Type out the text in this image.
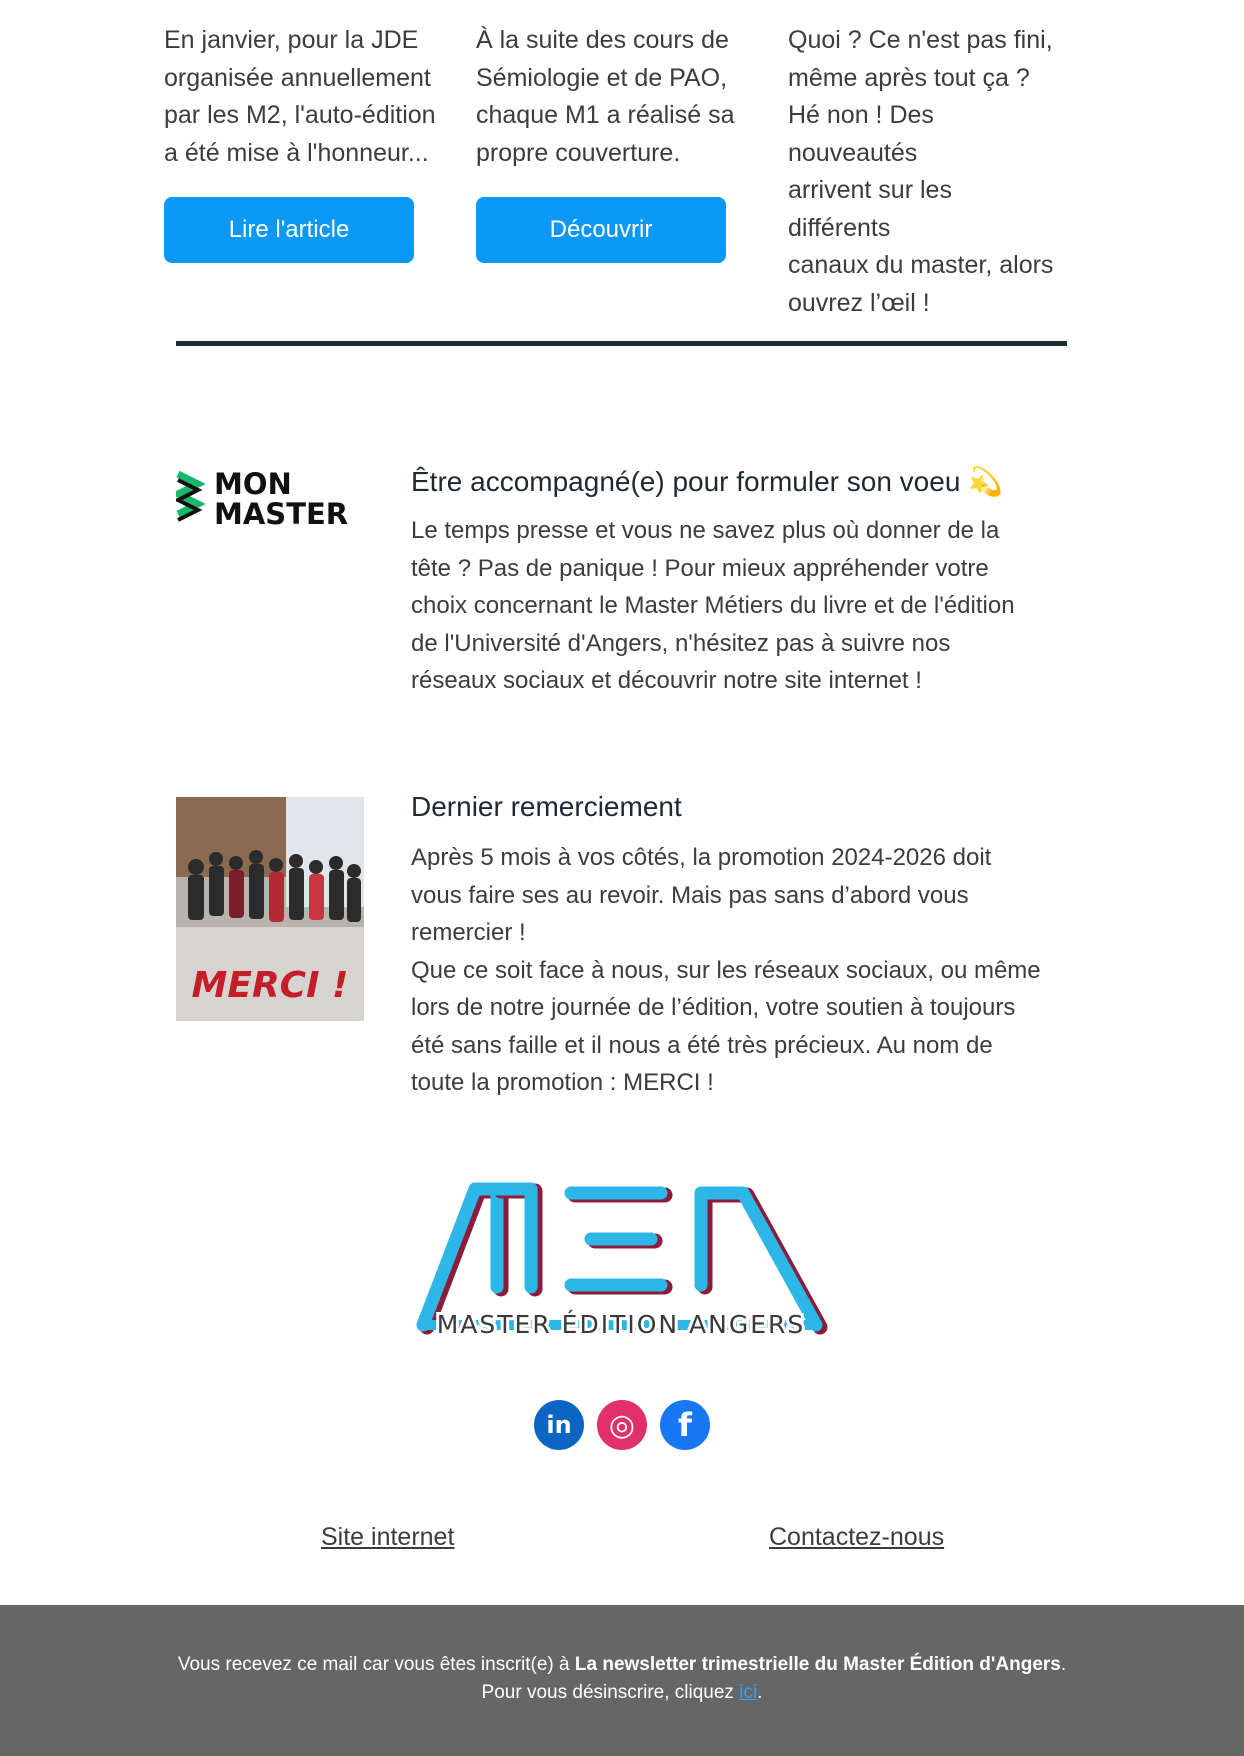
En janvier, pour la JDE
organisée annuellement
par les M2, l'auto-édition
a été mise à l'honneur...

Lire l'article

À la suite des cours de
Sémiologie et de PAO,
chaque M1 a réalisé sa
propre couverture.

Découvrir

Quoi ? Ce n'est pas fini,
même après tout ça ?
Hé non ! Des nouveautés
arrivent sur les différents
canaux du master, alors
ouvrez l’œil !

MON
MASTER
Être accompagné(e) pour formuler son voeu 💫

Le temps presse et vous ne savez plus où donner de la
tête ? Pas de panique ! Pour mieux appréhender votre
choix concernant le Master Métiers du livre et de l'édition
de l'Université d'Angers, n'hésitez pas à suivre nos
réseaux sociaux et découvrir notre site internet !

MERCI !
Dernier remerciement

Après 5 mois à vos côtés, la promotion 2024-2026 doit
vous faire ses au revoir. Mais pas sans d’abord vous
remercier !
Que ce soit face à nous, sur les réseaux sociaux, ou même
lors de notre journée de l’édition, votre soutien à toujours
été sans faille et il nous a été très précieux. Au nom de
toute la promotion : MERCI !

MASTER ÉDITION ANGERS
in	◎	f
Site internet	Contactez-nous
Vous recevez ce mail car vous êtes inscrit(e) à La newsletter trimestrielle du Master Édition d'Angers.
Pour vous désinscrire, cliquez ici.
